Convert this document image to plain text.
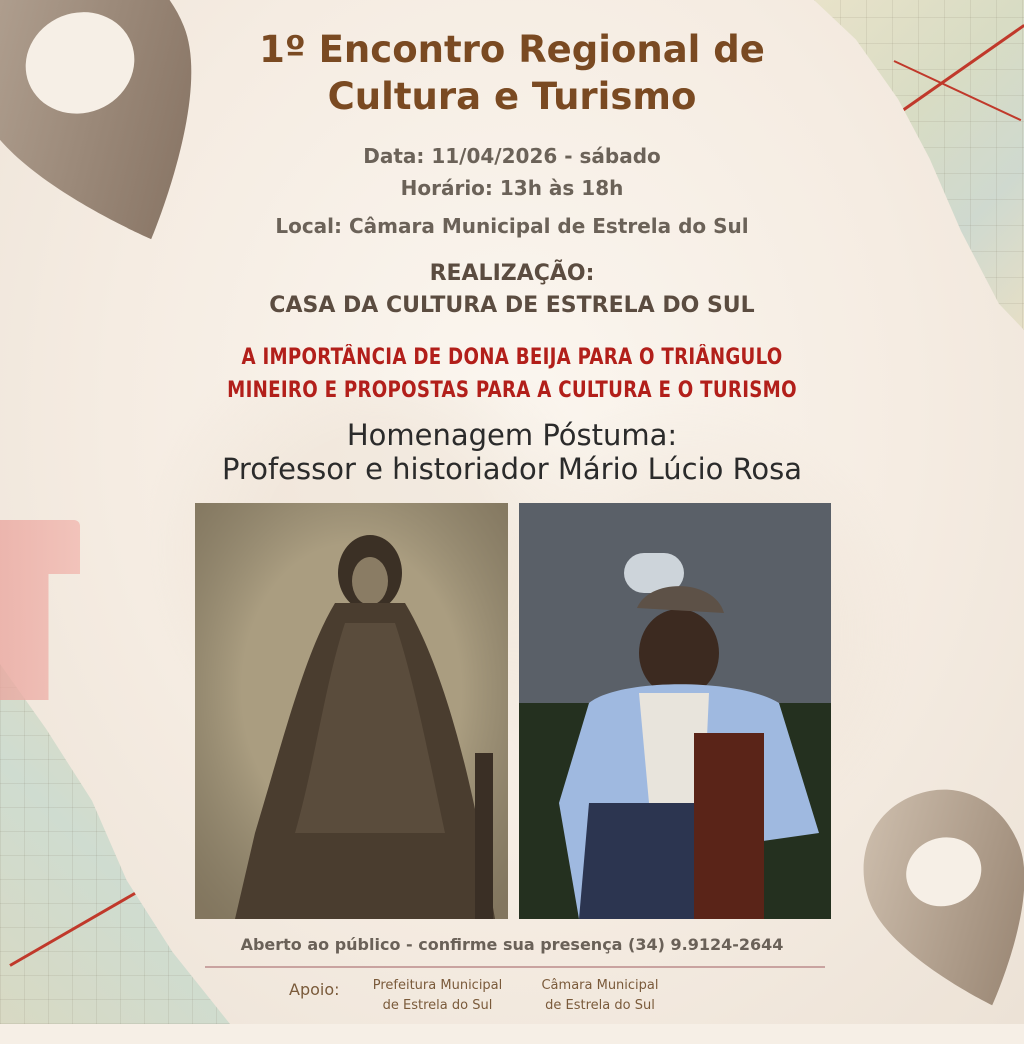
1º Encontro Regional de
Cultura e Turismo
Data: 11/04/2026 - sábado
Horário: 13h às 18h
Local: Câmara Municipal de Estrela do Sul
REALIZAÇÃO:
CASA DA CULTURA DE ESTRELA DO SUL
A IMPORTÂNCIA DE DONA BEIJA PARA O TRIÂNGULO
MINEIRO E PROPOSTAS PARA A CULTURA E O TURISMO
Homenagem Póstuma:
Professor e historiador Mário Lúcio Rosa
Aberto ao público - confirme sua presença (34) 9.9124-2644
Apoio:	Prefeitura Municipal
de Estrela do Sul
Câmara Municipal
de Estrela do Sul
